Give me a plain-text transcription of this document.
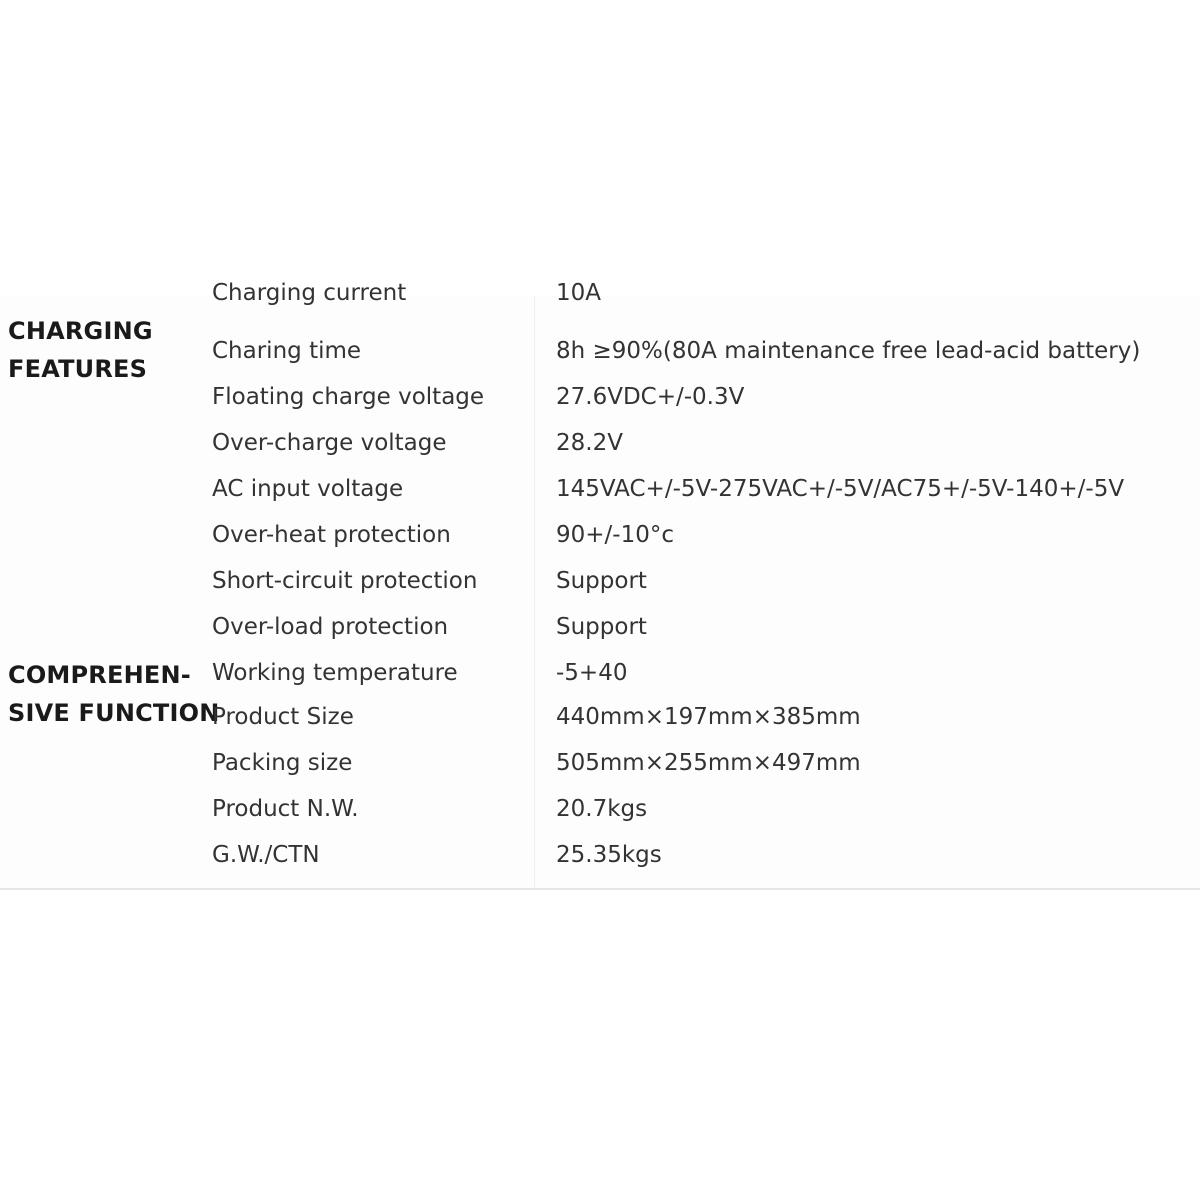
CHARGING
FEATURES
COMPREHEN-
SIVE FUNCTION
Charging current	10A
Charing time	8h ≥90%(80A maintenance free lead-acid battery)
Floating charge voltage	27.6VDC+/-0.3V
Over-charge voltage	28.2V
AC input voltage	145VAC+/-5V-275VAC+/-5V/AC75+/-5V-140+/-5V
Over-heat protection	90+/-10°c
Short-circuit protection	Support
Over-load protection	Support
Working temperature	-5+40
Product Size	440mm×197mm×385mm
Packing size	505mm×255mm×497mm
Product N.W.	20.7kgs
G.W./CTN	25.35kgs
